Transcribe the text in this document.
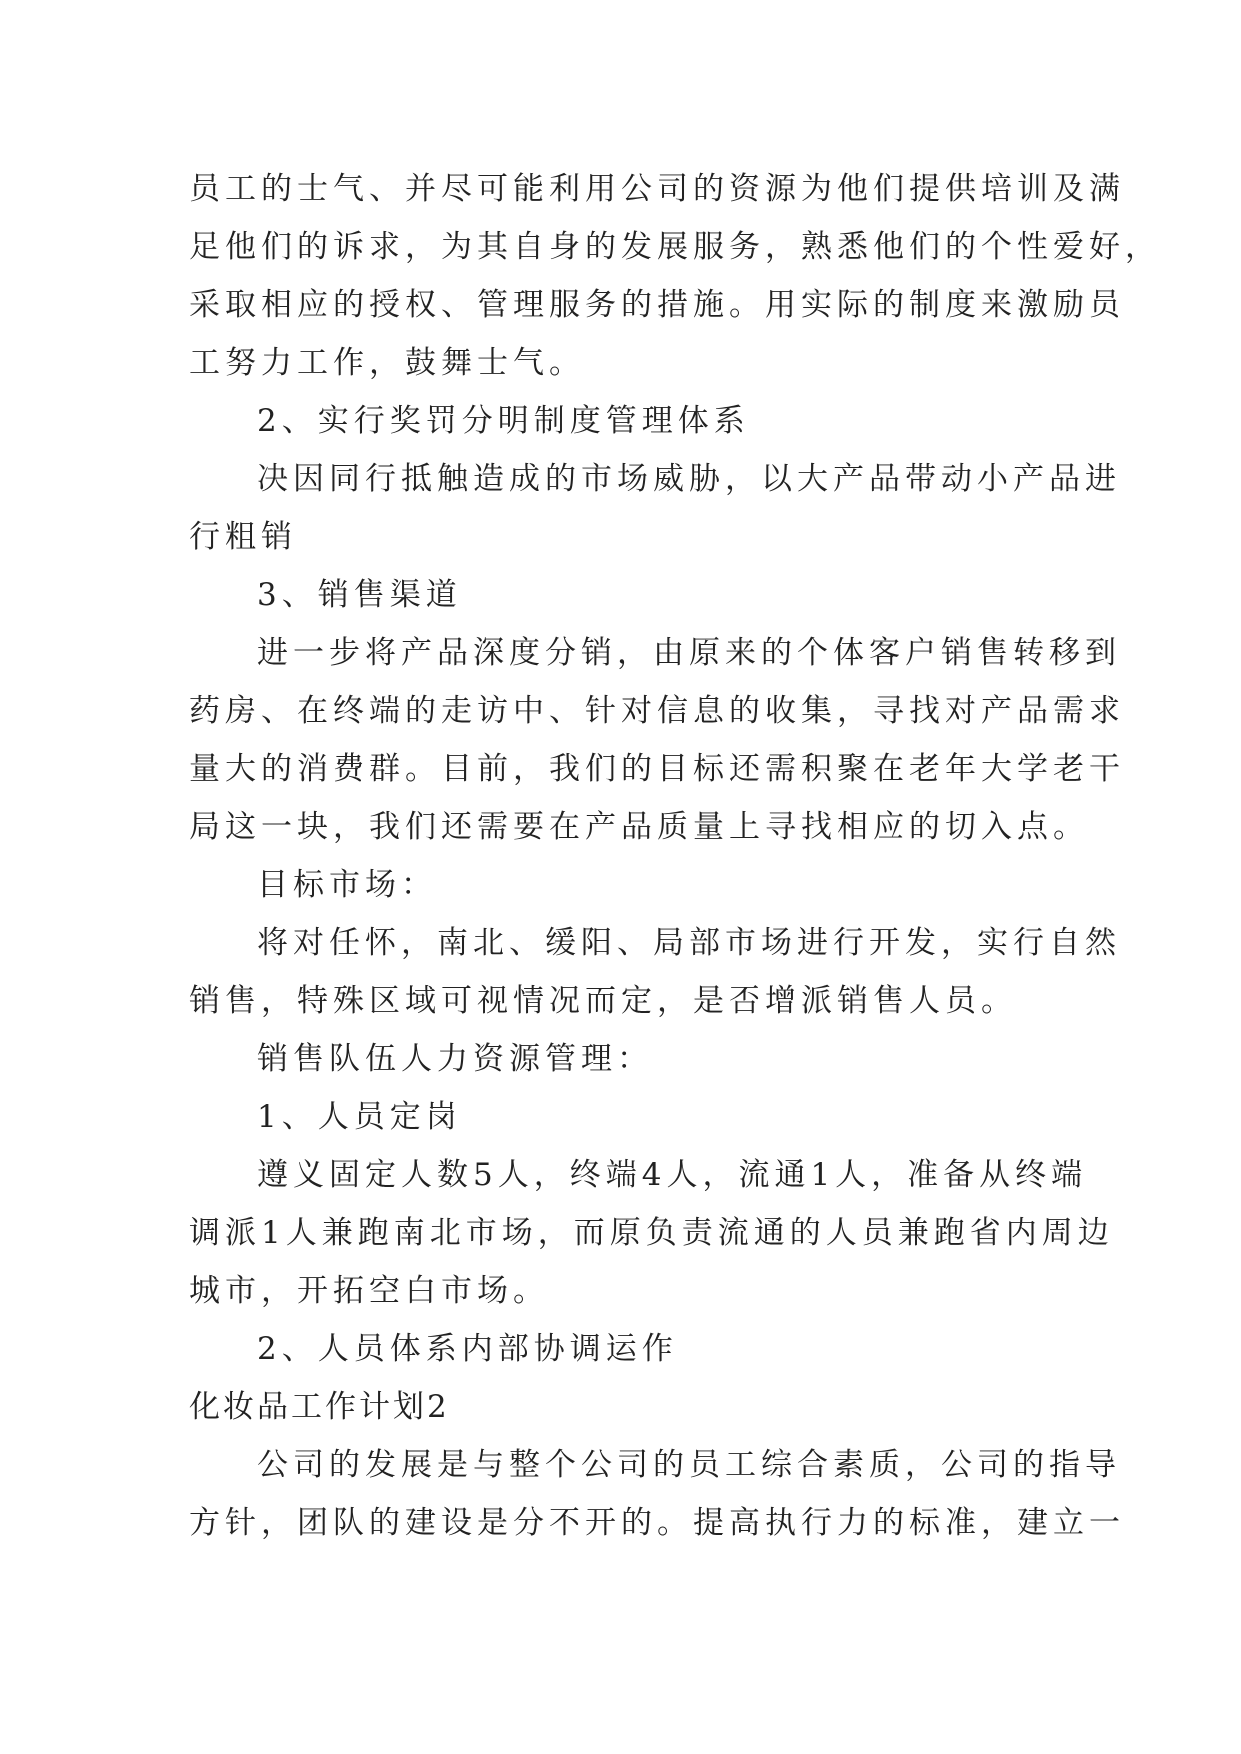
员工的士气、并尽可能利用公司的资源为他们提供培训及满
足他们的诉求，为其自身的发展服务，熟悉他们的个性爱好，
采取相应的授权、管理服务的措施。用实际的制度来激励员
工努力工作，鼓舞士气。
2、实行奖罚分明制度管理体系
决因同行抵触造成的市场威胁，以大产品带动小产品进
行粗销
3、销售渠道
进一步将产品深度分销，由原来的个体客户销售转移到
药房、在终端的走访中、针对信息的收集，寻找对产品需求
量大的消费群。目前，我们的目标还需积聚在老年大学老干
局这一块，我们还需要在产品质量上寻找相应的切入点。
目标市场：
将对任怀，南北、缓阳、局部市场进行开发，实行自然
销售，特殊区域可视情况而定，是否增派销售人员。
销售队伍人力资源管理：
1、人员定岗
遵义固定人数5人，终端4人，流通1人，准备从终端
调派1人兼跑南北市场，而原负责流通的人员兼跑省内周边
城市，开拓空白市场。
2、人员体系内部协调运作
化妆品工作计划2
公司的发展是与整个公司的员工综合素质，公司的指导
方针，团队的建设是分不开的。提高执行力的标准，建立一
